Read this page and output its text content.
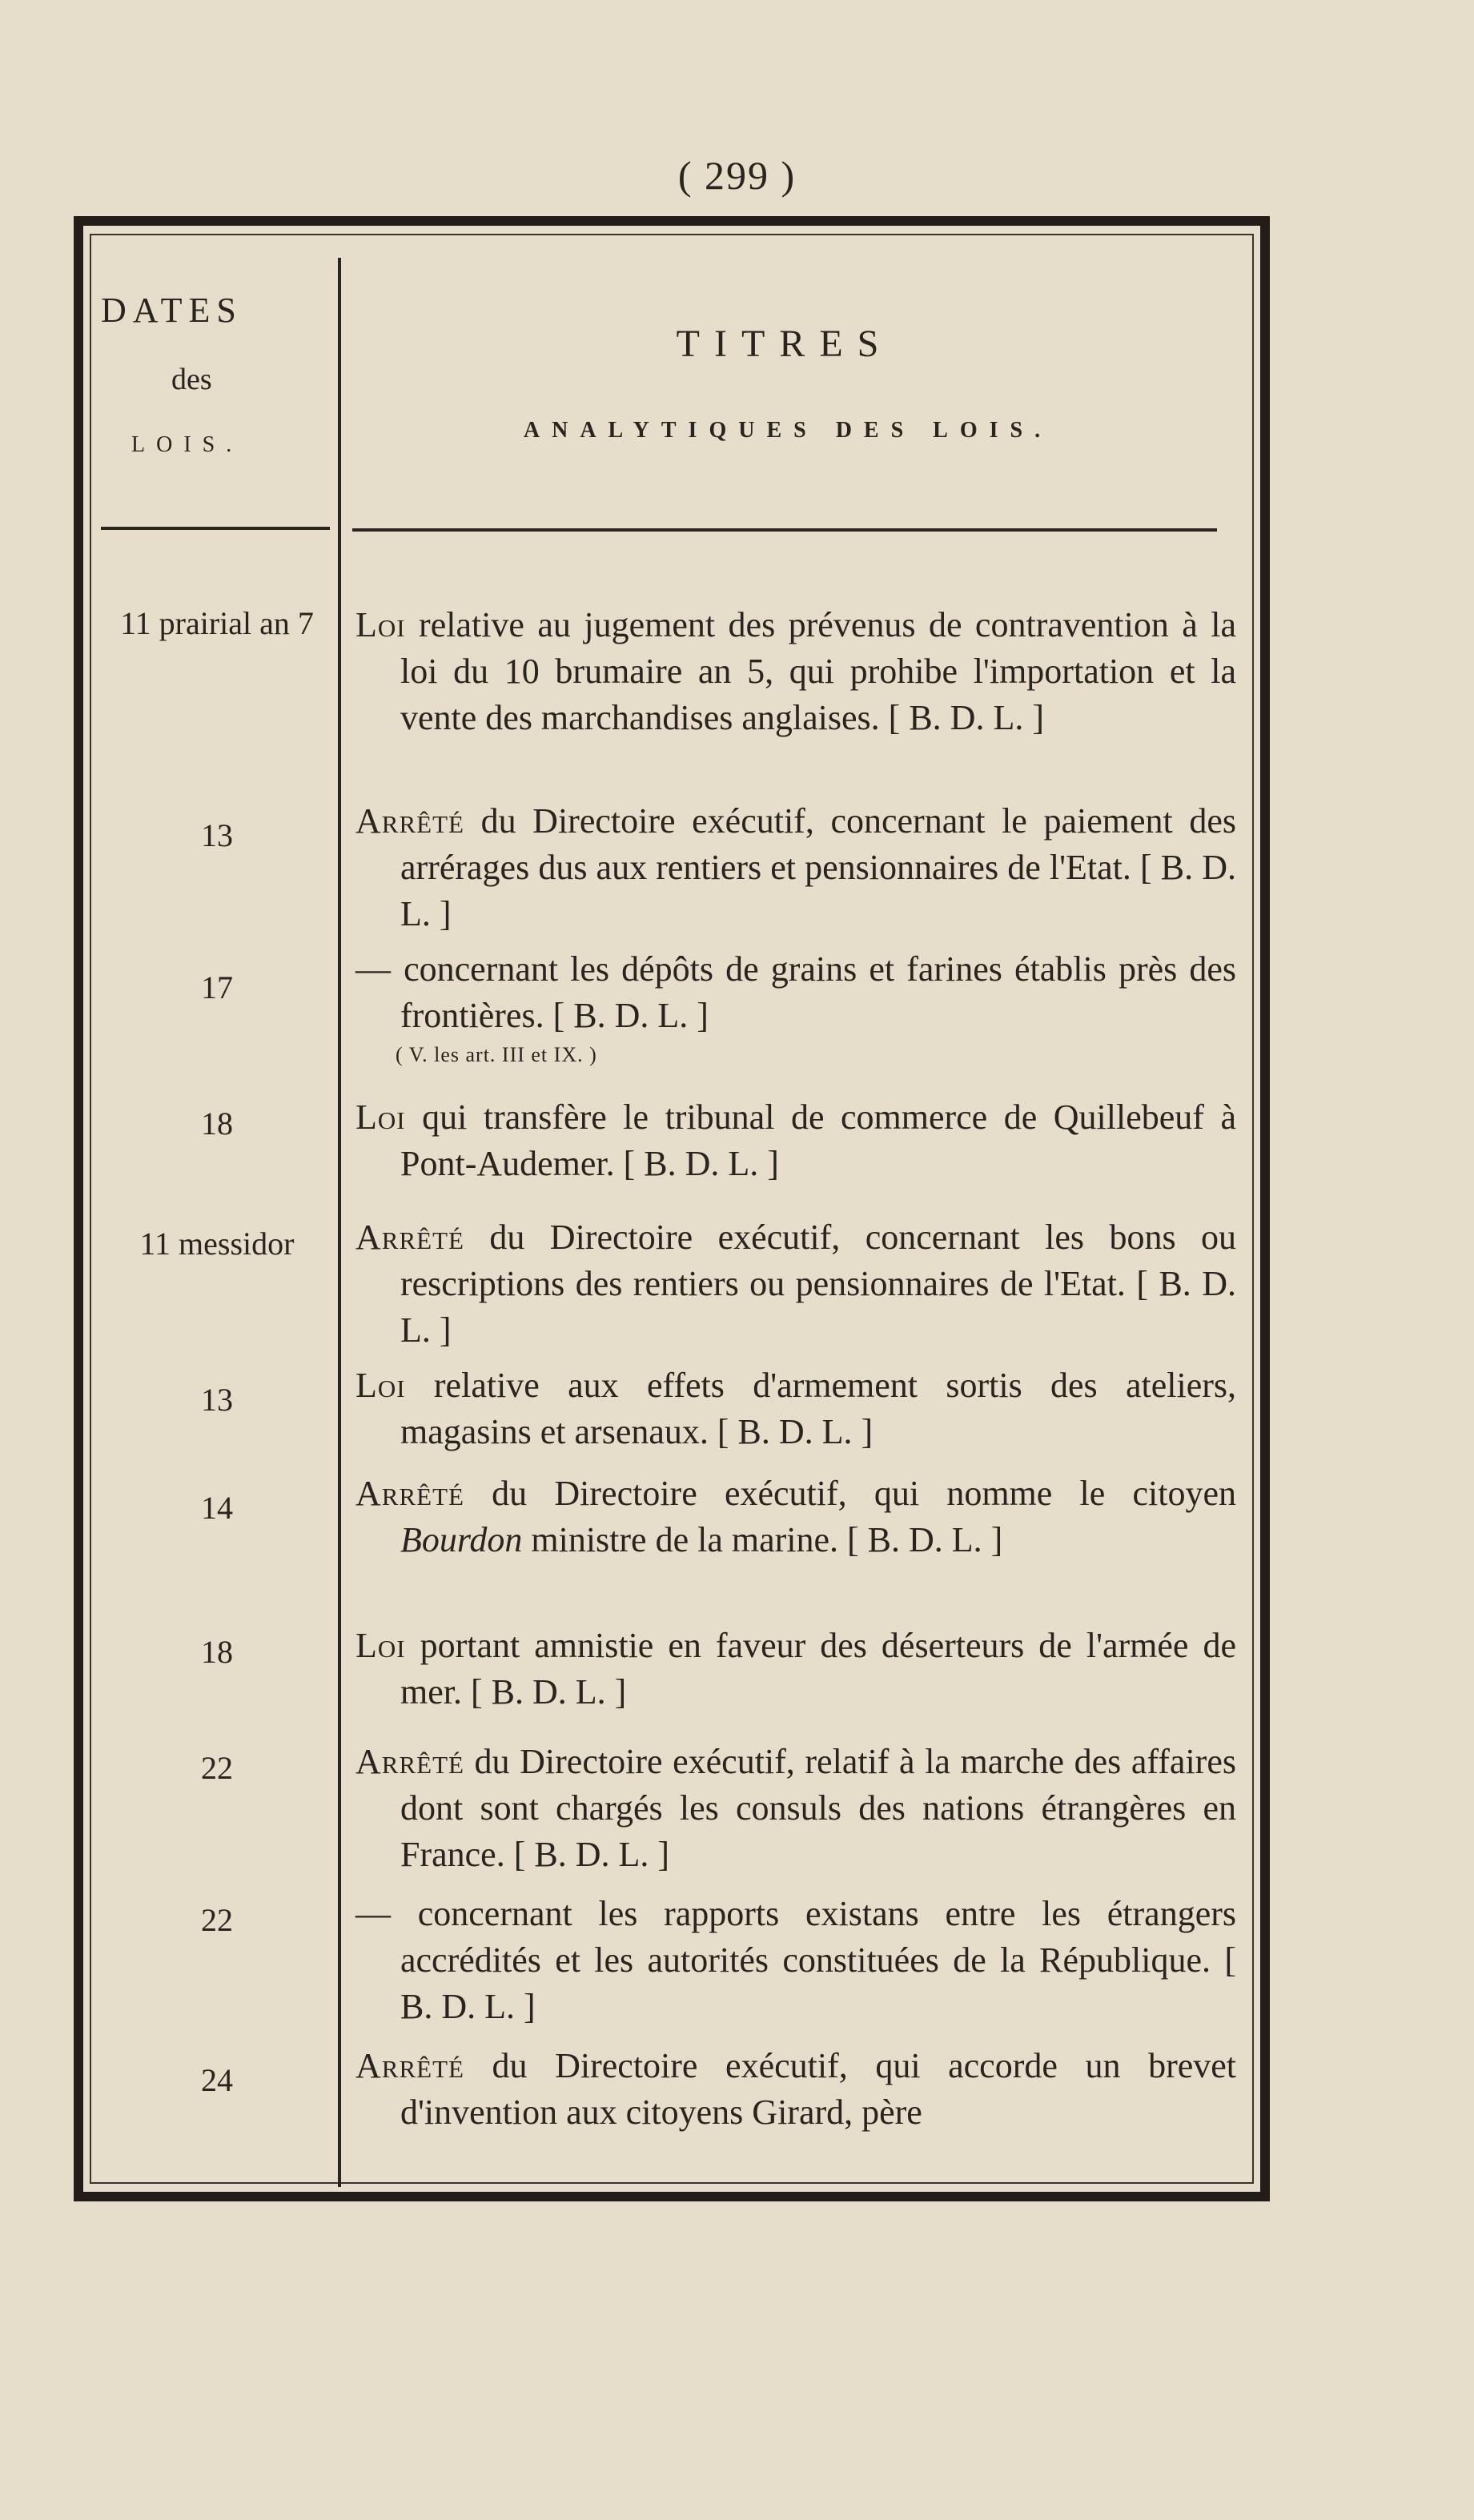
( 299 )
DATES
des
LOIS.
TITRES
ANALYTIQUES DES LOIS.
11 prairial an 7	Loi relative au jugement des prévenus de contravention à la loi du 10 brumaire an 5, qui prohibe l'importation et la vente des marchandises anglaises. [ B. D. L. ]
13	Arrêté du Directoire exécutif, concernant le paiement des arrérages dus aux rentiers et pensionnaires de l'Etat. [ B. D. L. ]
17	— concernant les dépôts de grains et farines établis près des frontières. [ B. D. L. ]
( V. les art. III et IX. )
18	Loi qui transfère le tribunal de commerce de Quillebeuf à Pont-Audemer. [ B. D. L. ]
11 messidor	Arrêté du Directoire exécutif, concernant les bons ou rescriptions des rentiers ou pensionnaires de l'Etat. [ B. D. L. ]
13	Loi relative aux effets d'armement sortis des ateliers, magasins et arsenaux. [ B. D. L. ]
14	Arrêté du Directoire exécutif, qui nomme le citoyen Bourdon ministre de la marine. [ B. D. L. ]
18	Loi portant amnistie en faveur des déserteurs de l'armée de mer. [ B. D. L. ]
22	Arrêté du Directoire exécutif, relatif à la marche des affaires dont sont chargés les consuls des nations étrangères en France. [ B. D. L. ]
22	— concernant les rapports existans entre les étrangers accrédités et les autorités constituées de la République. [ B. D. L. ]
24	Arrêté du Directoire exécutif, qui accorde un brevet d'invention aux citoyens Girard, père
